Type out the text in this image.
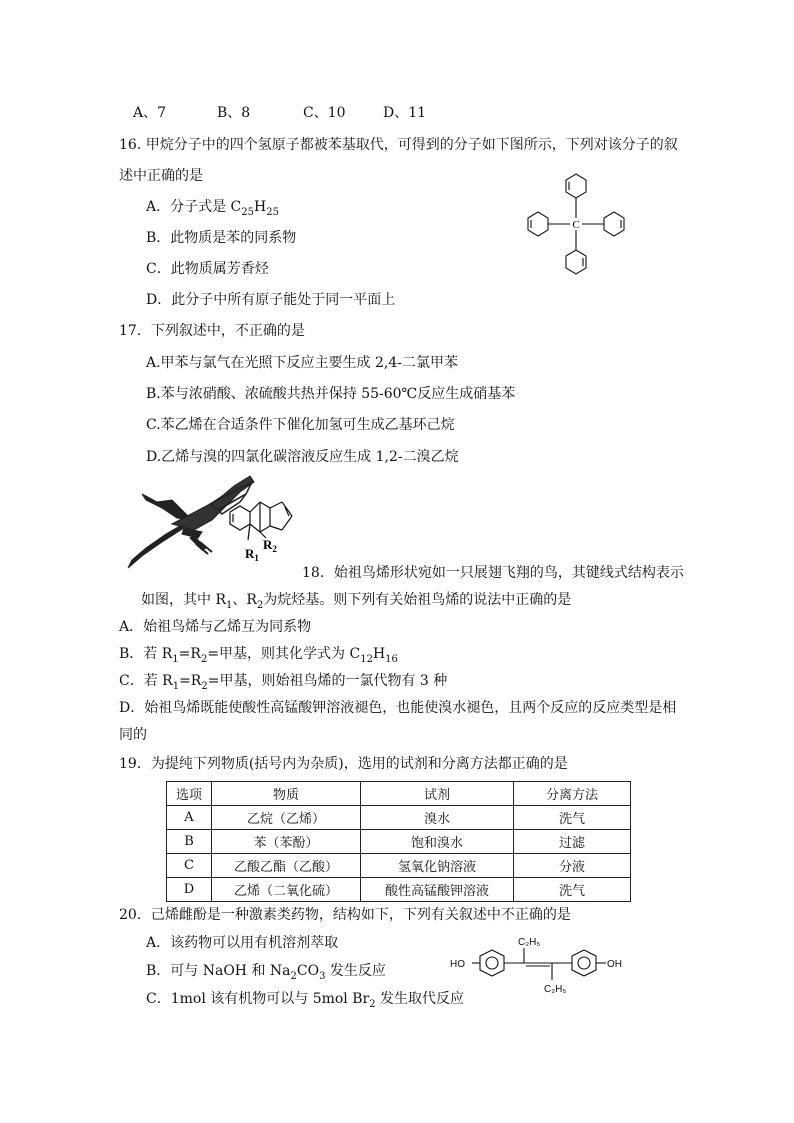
A、7	B、8	C、10	D、11
16. 甲烷分子中的四个氢原子都被苯基取代，可得到的分子如下图所示，下列对该分子的叙
述中正确的是
A．分子式是 $C_{25}H_{25}$
B．此物质是苯的同系物
C．此物质属芳香烃
D．此分子中所有原子能处于同一平面上
C
17．下列叙述中，不正确的是
A.甲苯与氯气在光照下反应主要生成 2,4-二氯甲苯
B.苯与浓硝酸、浓硫酸共热并保持 55-60℃反应生成硝基苯
C.苯乙烯在合适条件下催化加氢可生成乙基环己烷
D.乙烯与溴的四氯化碳溶液反应生成 1,2-二溴乙烷
$R_2$
$R_1$
18．始祖鸟烯形状宛如一只展翅飞翔的鸟，其键线式结构表示
如图，其中 $R_1$、$R_2$为烷烃基。则下列有关始祖鸟烯的说法中正确的是
A．始祖鸟烯与乙烯互为同系物
B．若 $R_1=R_2=$甲基，则其化学式为 $C_{12}H_{16}$
C．若 $R_1=R_2=$甲基，则始祖鸟烯的一氯代物有 3 种
D．始祖鸟烯既能使酸性高锰酸钾溶液褪色，也能使溴水褪色，且两个反应的反应类型是相
同的
19．为提纯下列物质(括号内为杂质)，选用的试剂和分离方法都正确的是
选项	物质	试剂	分离方法
A	乙烷（乙烯）	溴水	洗气
B	苯（苯酚）	饱和溴水	过滤
C	乙酸乙酯（乙酸）	氢氧化钠溶液	分液
D	乙烯（二氧化硫）	酸性高锰酸钾溶液	洗气
20．己烯雌酚是一种激素类药物，结构如下，下列有关叙述中不正确的是
A．该药物可以用有机溶剂萃取
B．可与 NaOH 和 $Na_2CO_3$ 发生反应
C．1mol 该有机物可以与 5mol $Br_2$ 发生取代反应
HO	OH
C₂H₅
C₂H₅
